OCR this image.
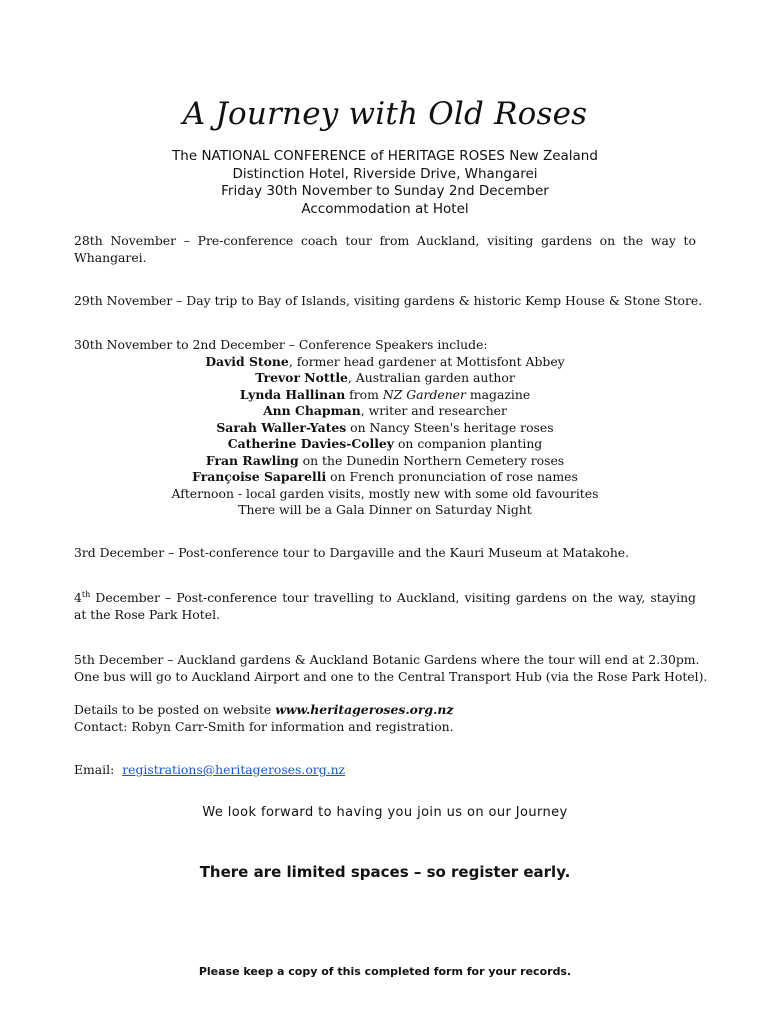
A Journey with Old Roses
The NATIONAL CONFERENCE of HERITAGE ROSES New Zealand
Distinction Hotel, Riverside Drive, Whangarei
Friday 30th November to Sunday 2nd December
Accommodation at Hotel
28th November – Pre-conference coach tour from Auckland, visiting gardens on the way to Whangarei.
29th November – Day trip to Bay of Islands, visiting gardens & historic Kemp House & Stone Store.
30th November to 2nd December – Conference Speakers include:
David Stone, former head gardener at Mottisfont Abbey
Trevor Nottle, Australian garden author
Lynda Hallinan from NZ Gardener magazine
Ann Chapman, writer and researcher
Sarah Waller-Yates on Nancy Steen's heritage roses
Catherine Davies-Colley on companion planting
Fran Rawling on the Dunedin Northern Cemetery roses
Françoise Saparelli on French pronunciation of rose names
Afternoon - local garden visits, mostly new with some old favourites
There will be a Gala Dinner on Saturday Night
3rd December – Post-conference tour to Dargaville and the Kauri Museum at Matakohe.
4th December – Post-conference tour travelling to Auckland, visiting gardens on the way, staying at the Rose Park Hotel.
5th December – Auckland gardens & Auckland Botanic Gardens where the tour will end at 2.30pm.
One bus will go to Auckland Airport and one to the Central Transport Hub (via the Rose Park Hotel).
Details to be posted on website www.heritageroses.org.nz
Contact: Robyn Carr-Smith for information and registration.
Email: registrations@heritageroses.org.nz
We look forward to having you join us on our Journey
There are limited spaces – so register early.
Please keep a copy of this completed form for your records.
